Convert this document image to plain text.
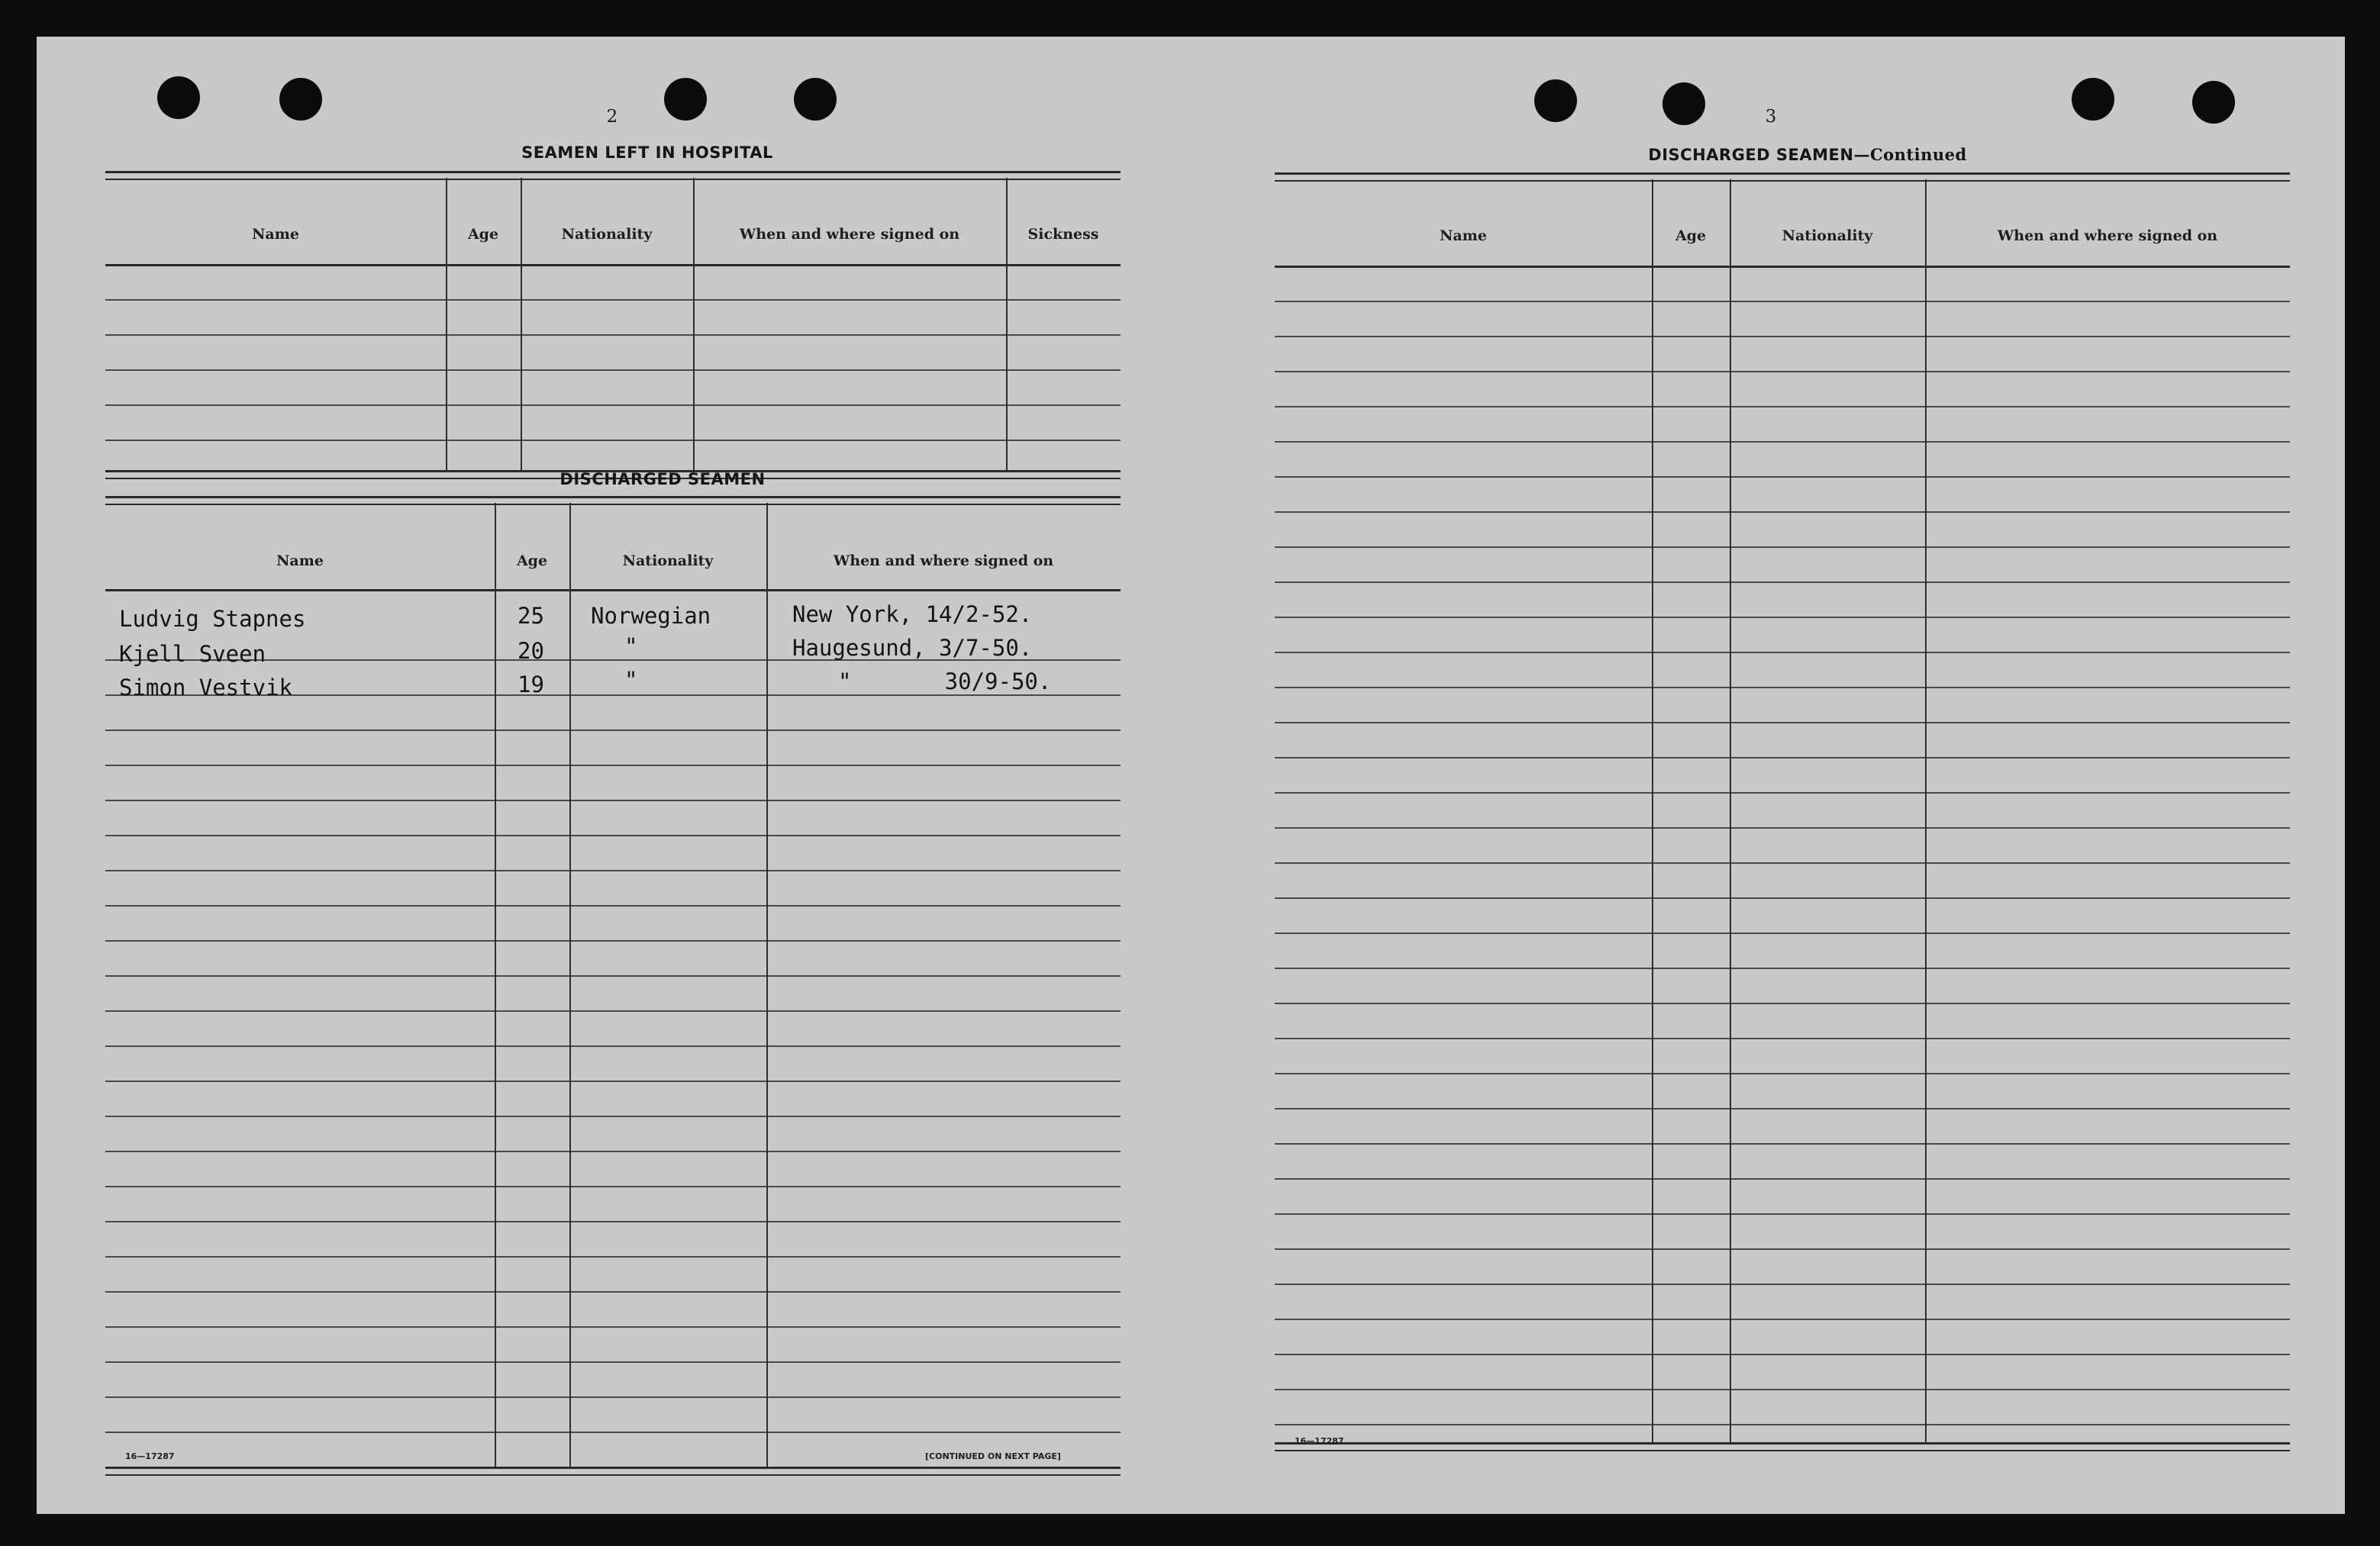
2
SEAMEN LEFT IN HOSPITAL
Name	Age	Nationality	When and where signed on	Sickness
DISCHARGED SEAMEN
Name	Age	Nationality	When and where signed on
Ludvig Stapnes	25 Norwegian	New York, 14/2-52.
Kjell Sveen	20	"	Haugesund, 3/7-50.
Simon Vestvik	19	"	"       30/9-50.
16—17287	[CONTINUED ON NEXT PAGE]
3
DISCHARGED SEAMEN—Continued
Name	Age	Nationality	When and where signed on
16—17287
